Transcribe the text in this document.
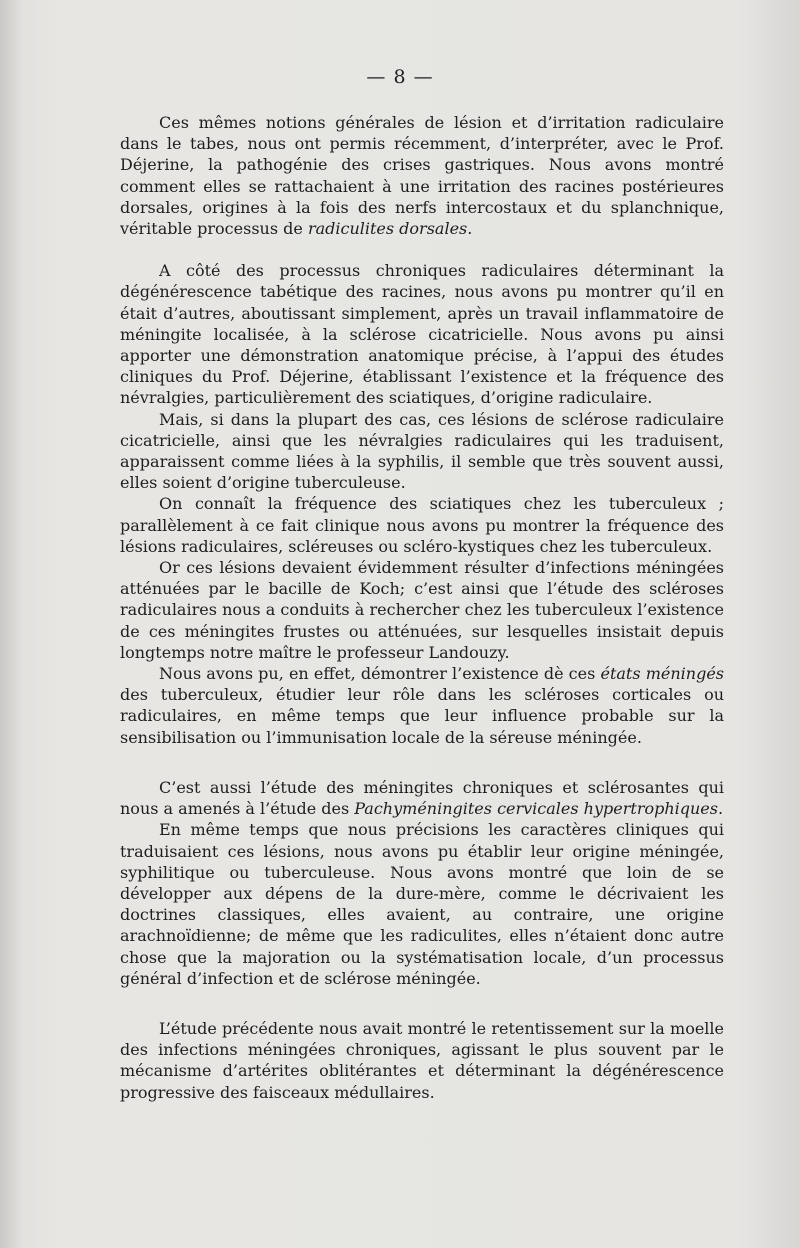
— 8 —

Ces mêmes notions générales de lésion et d’irritation radiculaire dans le tabes, nous ont permis récemment, d’interpréter, avec le Prof. Déjerine, la pathogénie des crises gastriques. Nous avons montré comment elles se rattachaient à une irritation des racines postérieures dorsales, origines à la fois des nerfs intercostaux et du splanchnique, véritable processus de radiculites dorsales.

A côté des processus chroniques radiculaires déterminant la dégénérescence tabétique des racines, nous avons pu montrer qu’il en était d’autres, aboutissant simplement, après un travail inflammatoire de méningite localisée, à la sclérose cicatricielle. Nous avons pu ainsi apporter une démonstration anatomique précise, à l’appui des études cliniques du Prof. Déjerine, établissant l’existence et la fréquence des névralgies, particulièrement des sciatiques, d’origine radiculaire.

Mais, si dans la plupart des cas, ces lésions de sclérose radiculaire cicatricielle, ainsi que les névralgies radiculaires qui les traduisent, apparaissent comme liées à la syphilis, il semble que très souvent aussi, elles soient d’origine tuberculeuse.

On connaît la fréquence des sciatiques chez les tuberculeux ; parallèlement à ce fait clinique nous avons pu montrer la fréquence des lésions radiculaires, scléreuses ou scléro-kystiques chez les tuberculeux.

Or ces lésions devaient évidemment résulter d’infections méningées atténuées par le bacille de Koch; c’est ainsi que l’étude des scléroses radiculaires nous a conduits à rechercher chez les tuberculeux l’existence de ces méningites frustes ou atténuées, sur lesquelles insistait depuis longtemps notre maître le professeur Landouzy.

Nous avons pu, en effet, démontrer l’existence dè ces états méningés des tuberculeux, étudier leur rôle dans les scléroses corticales ou radiculaires, en même temps que leur influence probable sur la sensibilisation ou l’immunisation locale de la séreuse méningée.

C’est aussi l’étude des méningites chroniques et sclérosantes qui nous a amenés à l’étude des Pachyméningites cervicales hypertrophiques.

En même temps que nous précisions les caractères cliniques qui traduisaient ces lésions, nous avons pu établir leur origine méningée, syphilitique ou tuberculeuse. Nous avons montré que loin de se développer aux dépens de la dure-mère, comme le décrivaient les doctrines classiques, elles avaient, au contraire, une origine arachnoïdienne; de même que les radiculites, elles n’étaient donc autre chose que la majoration ou la systématisation locale, d’un processus général d’infection et de sclérose méningée.

L’étude précédente nous avait montré le retentissement sur la moelle des infections méningées chroniques, agissant le plus souvent par le mécanisme d’artérites oblitérantes et déterminant la dégénérescence progressive des faisceaux médullaires.
